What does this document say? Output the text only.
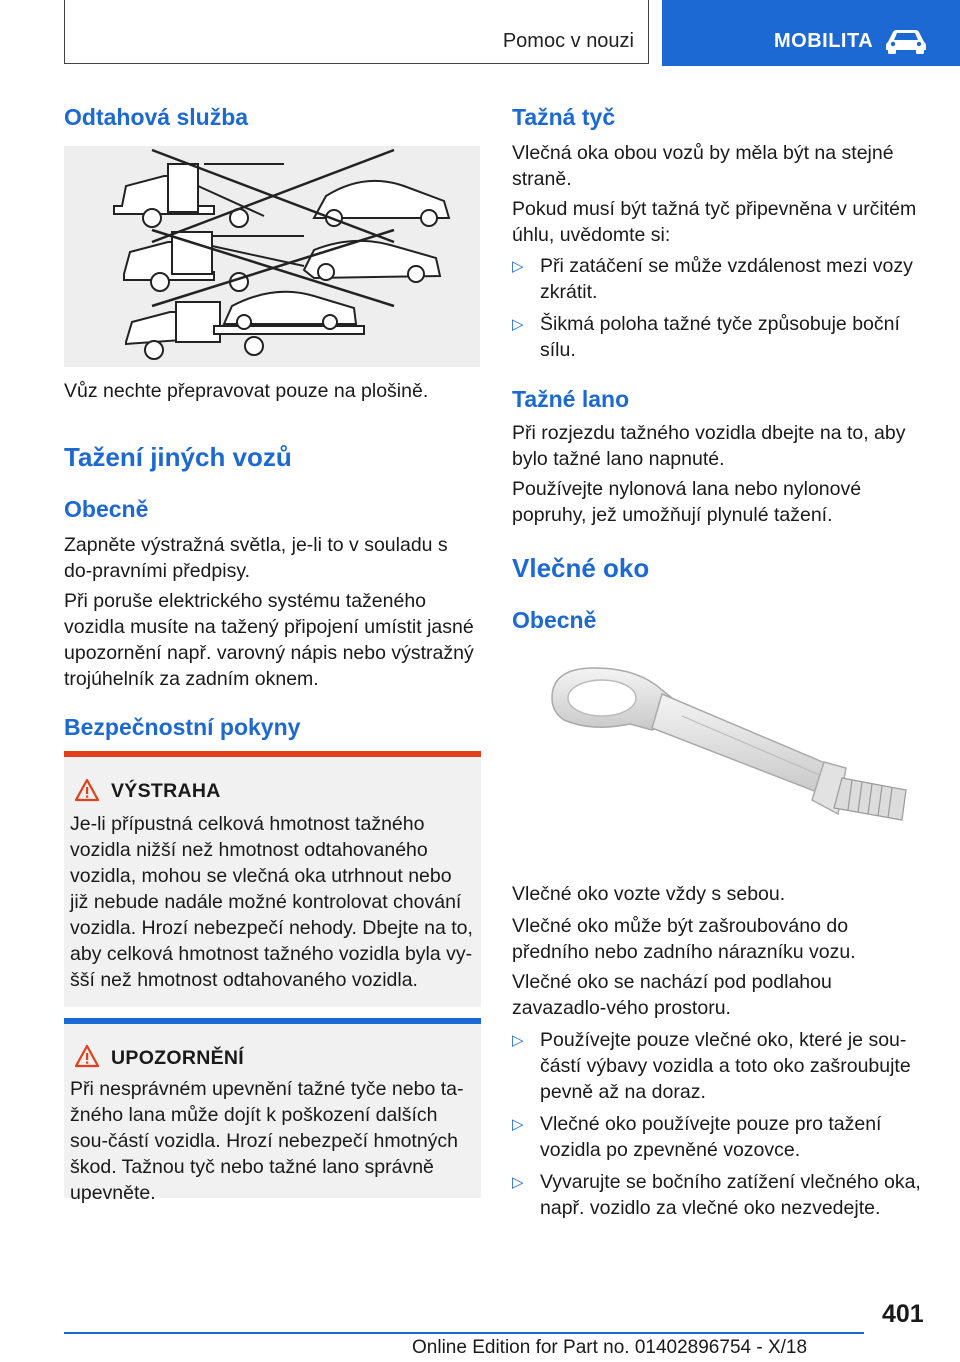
Pomoc v nouzi	MOBILITA
Odtahová služba

Vůz nechte přepravovat pouze na plošině.

Tažení jiných vozů
Obecně

Zapněte výstražná světla, je-li to v souladu s do-pravními předpisy.

Při poruše elektrického systému taženého vozidla musíte na tažený připojení umístit jasné upozornění např. varovný nápis nebo výstražný trojúhelník za zadním oknem.

Bezpečnostní pokyny
VÝSTRAHA

Je-li přípustná celková hmotnost tažného vozidla nižší než hmotnost odtahovaného vozidla, mohou se vlečná oka utrhnout nebo již nebude nadále možné kontrolovat chování vozidla. Hrozí nebezpečí nehody. Dbejte na to, aby celková hmotnost tažného vozidla byla vy-šší než hmotnost odtahovaného vozidla.

UPOZORNĚNÍ

Při nesprávném upevnění tažné tyče nebo ta-žného lana může dojít k poškození dalších sou-částí vozidla. Hrozí nebezpečí hmotných škod. Tažnou tyč nebo tažné lano správně upevněte.

Tažná tyč

Vlečná oka obou vozů by měla být na stejné straně.

Pokud musí být tažná tyč připevněna v určitém úhlu, uvědomte si:

▷ Při zatáčení se může vzdálenost mezi vozy zkrátit.
▷ Šikmá poloha tažné tyče způsobuje boční sílu.
Tažné lano

Při rozjezdu tažného vozidla dbejte na to, aby bylo tažné lano napnuté.

Používejte nylonová lana nebo nylonové popruhy, jež umožňují plynulé tažení.

Vlečné oko
Obecně

Vlečné oko vozte vždy s sebou.

Vlečné oko může být zašroubováno do předního nebo zadního nárazníku vozu.

Vlečné oko se nachází pod podlahou zavazadlo-vého prostoru.

▷ Používejte pouze vlečné oko, které je sou-částí výbavy vozidla a toto oko zašroubujte pevně až na doraz.
▷ Vlečné oko používejte pouze pro tažení vozidla po zpevněné vozovce.
▷ Vyvarujte se bočního zatížení vlečného oka, např. vozidlo za vlečné oko nezvedejte.
401
Online Edition for Part no. 01402896754 - X/18
